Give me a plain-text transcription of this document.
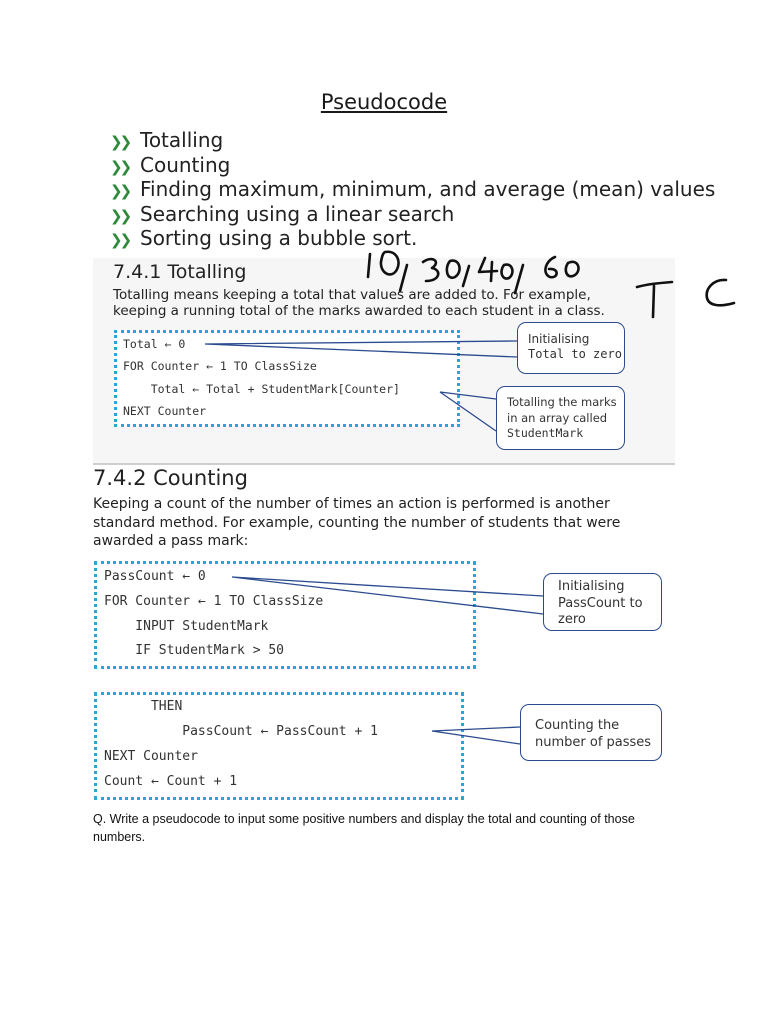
Pseudocode
❯❯ Totalling
❯❯ Counting
❯❯ Finding maximum, minimum, and average (mean) values
❯❯ Searching using a linear search
❯❯ Sorting using a bubble sort.
7.4.1 Totalling
Totalling means keeping a total that values are added to. For example, keeping a running total of the marks awarded to each student in a class.
Total ← 0
FOR Counter ← 1 TO ClassSize
Total ← Total + StudentMark[Counter]
NEXT Counter
Initialising
Total to zero
Totalling the marks
in an array called
StudentMark
7.4.2 Counting
Keeping a count of the number of times an action is performed is another standard method. For example, counting the number of students that were awarded a pass mark:
PassCount ← 0
FOR Counter ← 1 TO ClassSize
INPUT StudentMark
IF StudentMark > 50
Initialising
PassCount to
zero
THEN
PassCount ← PassCount + 1
NEXT Counter
Count ← Count + 1
Counting the
number of passes
Q. Write a pseudocode to input some positive numbers and display the total and counting of those numbers.
